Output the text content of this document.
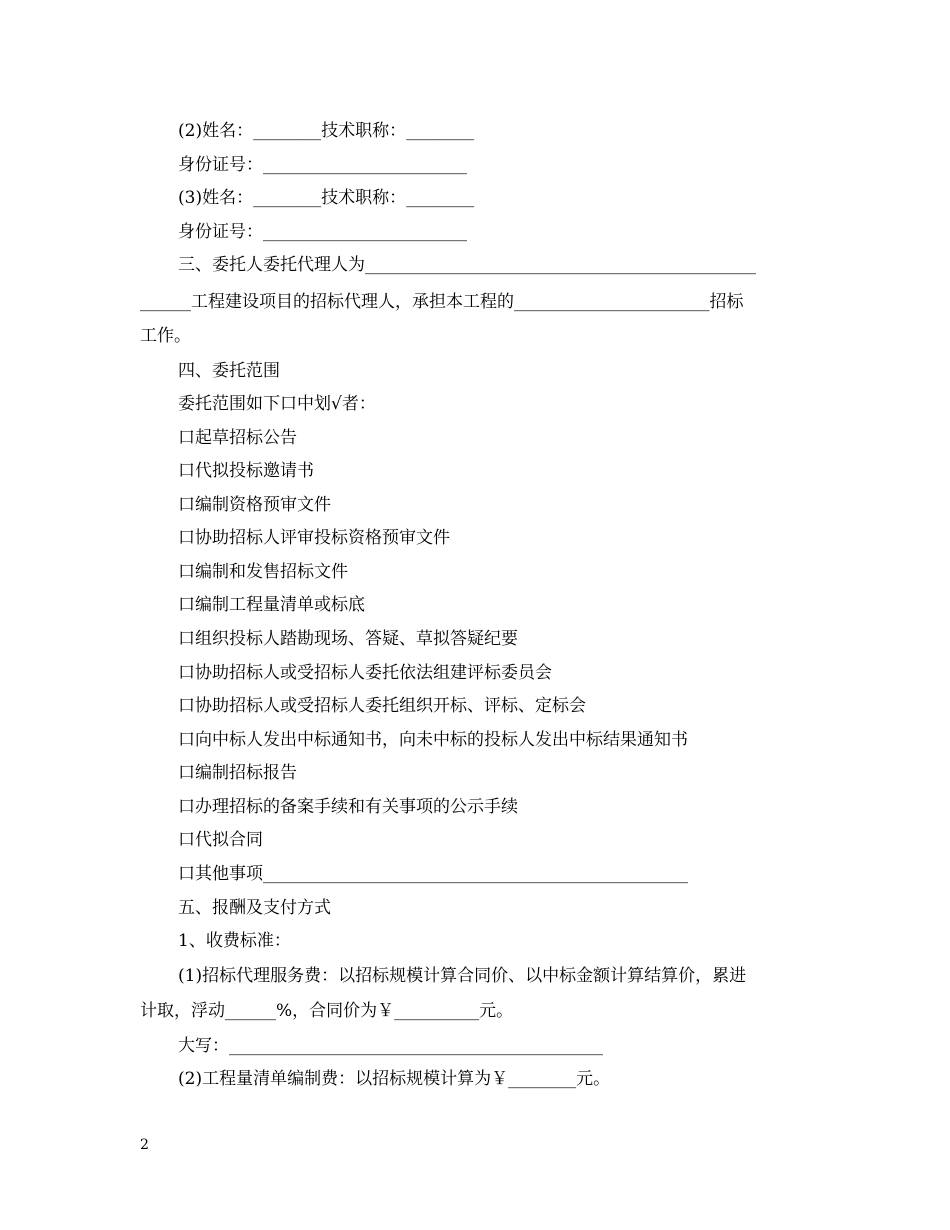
(2)姓名：________技术职称：________
身份证号：________________________
(3)姓名：________技术职称：________
身份证号：________________________
三、委托人委托代理人为______________________________________________
______工程建设项目的招标代理人，承担本工程的_______________________招标
工作。
四、委托范围
委托范围如下口中划√者：
口起草招标公告
口代拟投标邀请书
口编制资格预审文件
口协助招标人评审投标资格预审文件
口编制和发售招标文件
口编制工程量清单或标底
口组织投标人踏勘现场、答疑、草拟答疑纪要
口协助招标人或受招标人委托依法组建评标委员会
口协助招标人或受招标人委托组织开标、评标、定标会
口向中标人发出中标通知书，向未中标的投标人发出中标结果通知书
口编制招标报告
口办理招标的备案手续和有关事项的公示手续
口代拟合同
口其他事项__________________________________________________
五、报酬及支付方式
1、收费标准：
(1)招标代理服务费：以招标规模计算合同价、以中标金额计算结算价，累进
计取，浮动______%，合同价为￥__________元。
大写：____________________________________________
(2)工程量清单编制费：以招标规模计算为￥________元。
2
